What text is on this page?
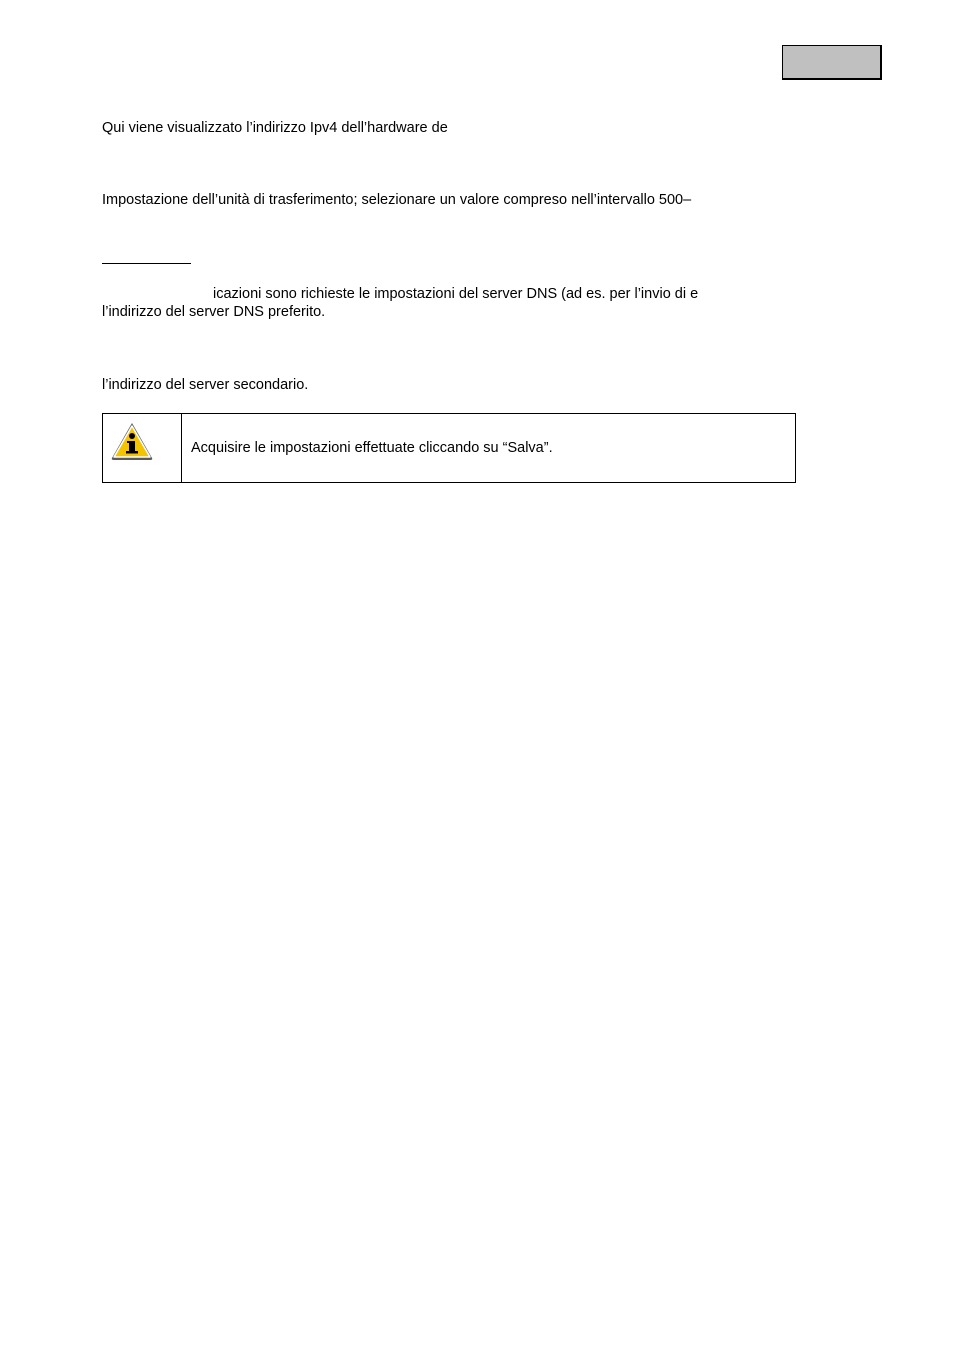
Qui viene visualizzato l’indirizzo Ipv4 dell’hardware de
Impostazione dell’unità di trasferimento; selezionare un valore compreso nell’intervallo 500–
icazioni sono richieste le impostazioni del server DNS (ad es. per l’invio di e
l’indirizzo del server DNS preferito.
l’indirizzo del server secondario.
Acquisire le impostazioni effettuate cliccando su “Salva”.
